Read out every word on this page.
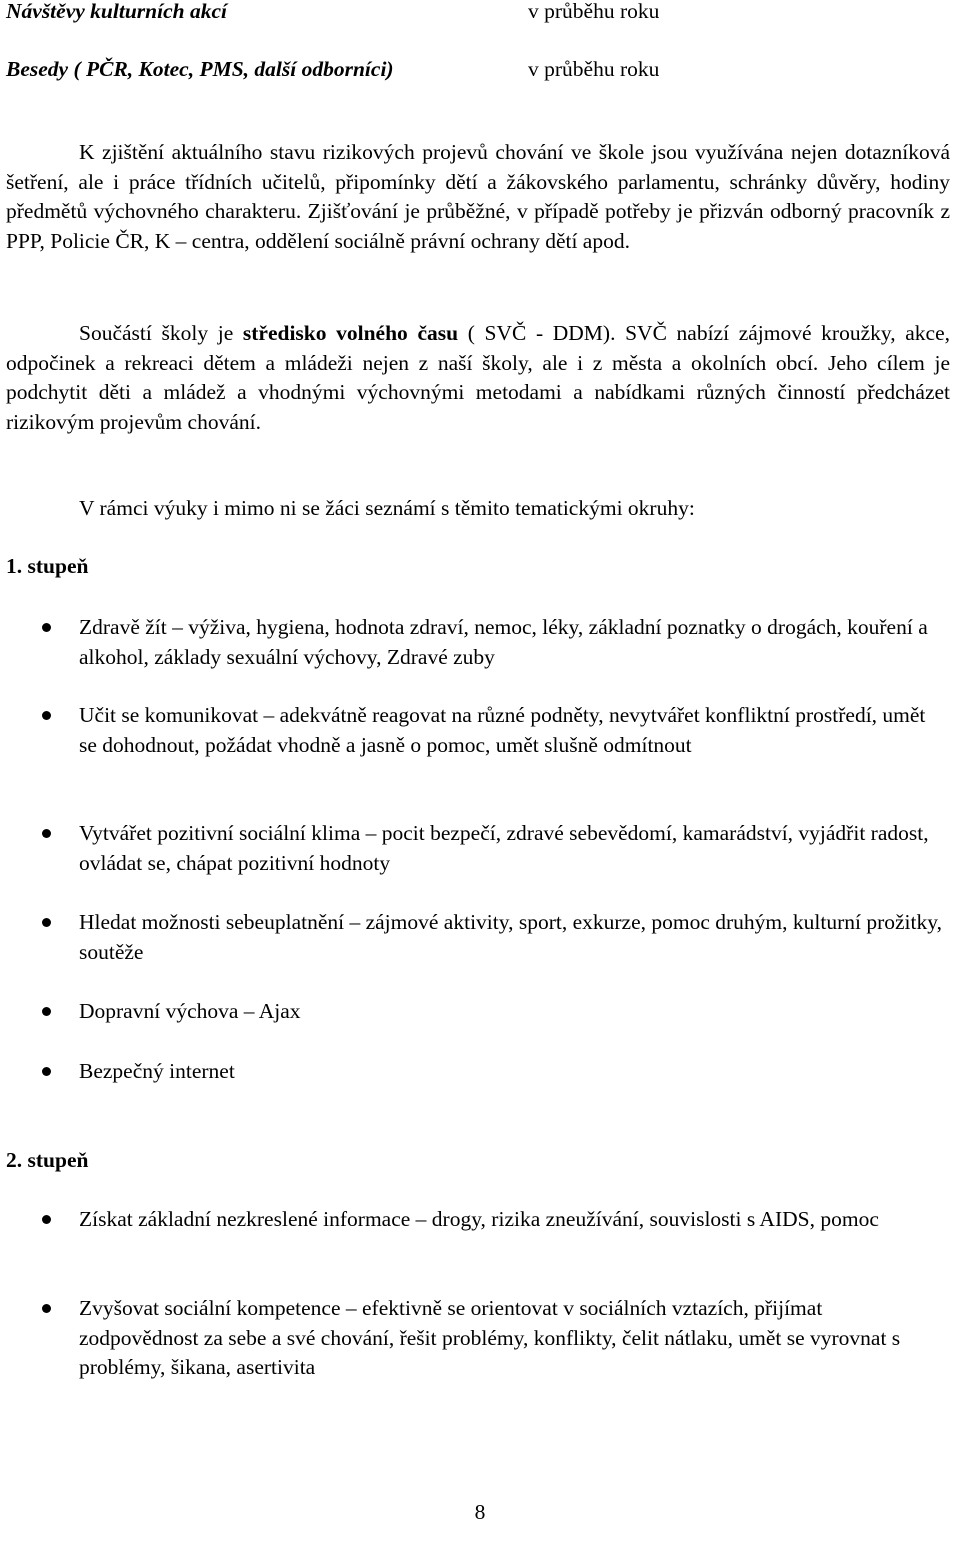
Návštěvy kulturních akcí	v průběhu roku
Besedy ( PČR, Kotec, PMS, další odborníci)	v průběhu roku

K zjištění aktuálního stavu rizikových projevů chování ve škole jsou využívána nejen dotazníková šetření, ale i práce třídních učitelů, připomínky dětí a žákovského parlamentu, schránky důvěry, hodiny předmětů výchovného charakteru. Zjišťování je průběžné, v případě potřeby je přizván odborný pracovník z PPP, Policie ČR, K – centra, oddělení sociálně právní ochrany dětí apod.

Součástí školy je středisko volného času ( SVČ - DDM). SVČ nabízí zájmové kroužky, akce, odpočinek a rekreaci dětem a mládeži nejen z naší školy, ale i z města a okolních obcí. Jeho cílem je podchytit děti a mládež a vhodnými výchovnými metodami a nabídkami různých činností předcházet rizikovým projevům chování.

V rámci výuky i mimo ni se žáci seznámí s těmito tematickými okruhy:
1. stupeň

Zdravě žít – výživa, hygiena, hodnota zdraví, nemoc, léky, základní poznatky o drogách, kouření a alkohol, základy sexuální výchovy, Zdravé zuby

Učit se komunikovat – adekvátně reagovat na různé podněty, nevytvářet konfliktní prostředí, umět se dohodnout, požádat vhodně a jasně o pomoc, umět slušně odmítnout

Vytvářet pozitivní sociální klima – pocit bezpečí, zdravé sebevědomí, kamarádství, vyjádřit radost, ovládat se, chápat pozitivní hodnoty

Hledat možnosti sebeuplatnění – zájmové aktivity, sport, exkurze, pomoc druhým, kulturní prožitky, soutěže

Dopravní výchova – Ajax

Bezpečný internet

2. stupeň

Získat základní nezkreslené informace – drogy, rizika zneužívání, souvislosti s AIDS, pomoc

Zvyšovat sociální kompetence – efektivně se orientovat v sociálních vztazích, přijímat zodpovědnost za sebe a své chování, řešit problémy, konflikty, čelit nátlaku, umět se vyrovnat s problémy, šikana, asertivita

8
